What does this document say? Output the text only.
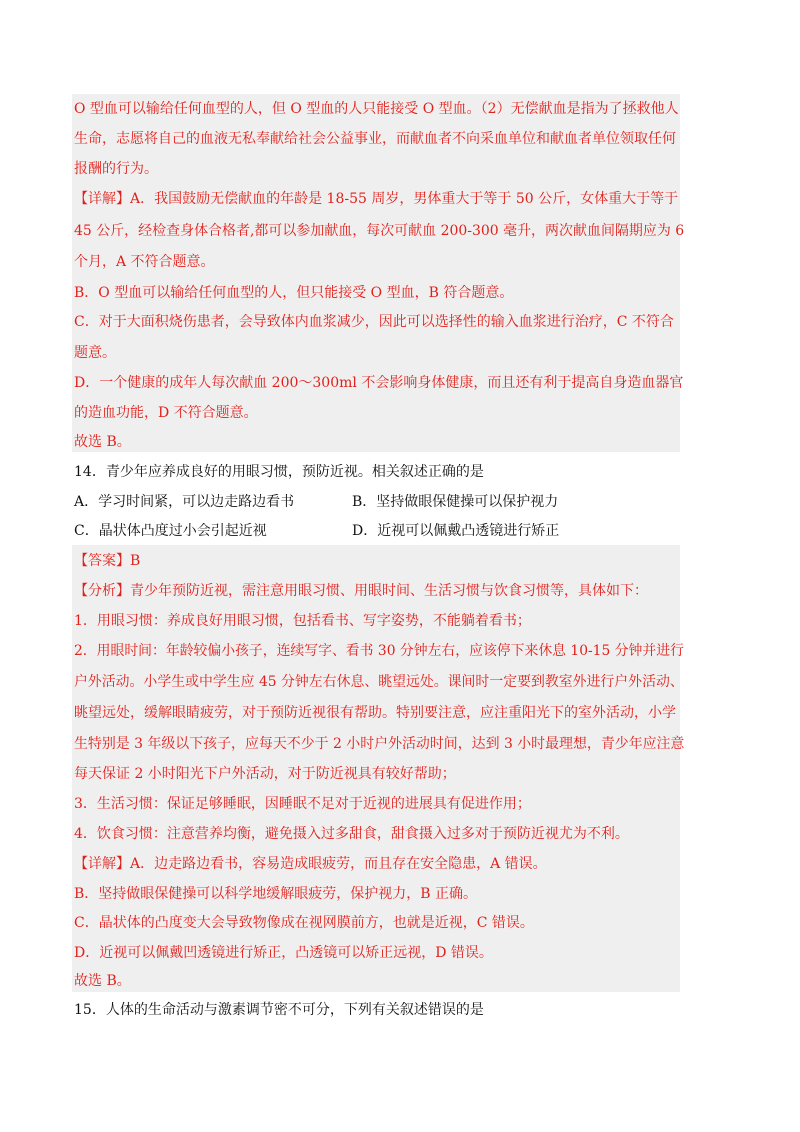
O 型血可以输给任何血型的人，但 O 型血的人只能接受 O 型血。（2）无偿献血是指为了拯救他人
生命，志愿将自己的血液无私奉献给社会公益事业，而献血者不向采血单位和献血者单位领取任何
报酬的行为。
【详解】A．我国鼓励无偿献血的年龄是 18-55 周岁，男体重大于等于 50 公斤，女体重大于等于
45 公斤，经检查身体合格者,都可以参加献血，每次可献血 200-300 毫升，两次献血间隔期应为 6
个月，A 不符合题意。
B．O 型血可以输给任何血型的人，但只能接受 O 型血，B 符合题意。
C．对于大面积烧伤患者，会导致体内血浆减少，因此可以选择性的输入血浆进行治疗，C 不符合
题意。
D．一个健康的成年人每次献血 200～300ml 不会影响身体健康，而且还有利于提高自身造血器官
的造血功能，D 不符合题意。
故选 B。
14．青少年应养成良好的用眼习惯，预防近视。相关叙述正确的是
A．学习时间紧，可以边走路边看书	B．坚持做眼保健操可以保护视力
C．晶状体凸度过小会引起近视	D．近视可以佩戴凸透镜进行矫正
【答案】B
【分析】青少年预防近视，需注意用眼习惯、用眼时间、生活习惯与饮食习惯等，具体如下：
1．用眼习惯：养成良好用眼习惯，包括看书、写字姿势，不能躺着看书；
2．用眼时间：年龄较偏小孩子，连续写字、看书 30 分钟左右，应该停下来休息 10-15 分钟并进行
户外活动。小学生或中学生应 45 分钟左右休息、眺望远处。课间时一定要到教室外进行户外活动、
眺望远处，缓解眼睛疲劳，对于预防近视很有帮助。特别要注意，应注重阳光下的室外活动，小学
生特别是 3 年级以下孩子，应每天不少于 2 小时户外活动时间，达到 3 小时最理想，青少年应注意
每天保证 2 小时阳光下户外活动，对于防近视具有较好帮助；
3．生活习惯：保证足够睡眠，因睡眠不足对于近视的进展具有促进作用；
4．饮食习惯：注意营养均衡，避免摄入过多甜食，甜食摄入过多对于预防近视尤为不利。
【详解】A．边走路边看书，容易造成眼疲劳，而且存在安全隐患，A 错误。
B．坚持做眼保健操可以科学地缓解眼疲劳，保护视力，B 正确。
C．晶状体的凸度变大会导致物像成在视网膜前方，也就是近视，C 错误。
D．近视可以佩戴凹透镜进行矫正，凸透镜可以矫正远视，D 错误。
故选 B。
15．人体的生命活动与激素调节密不可分，下列有关叙述错误的是
